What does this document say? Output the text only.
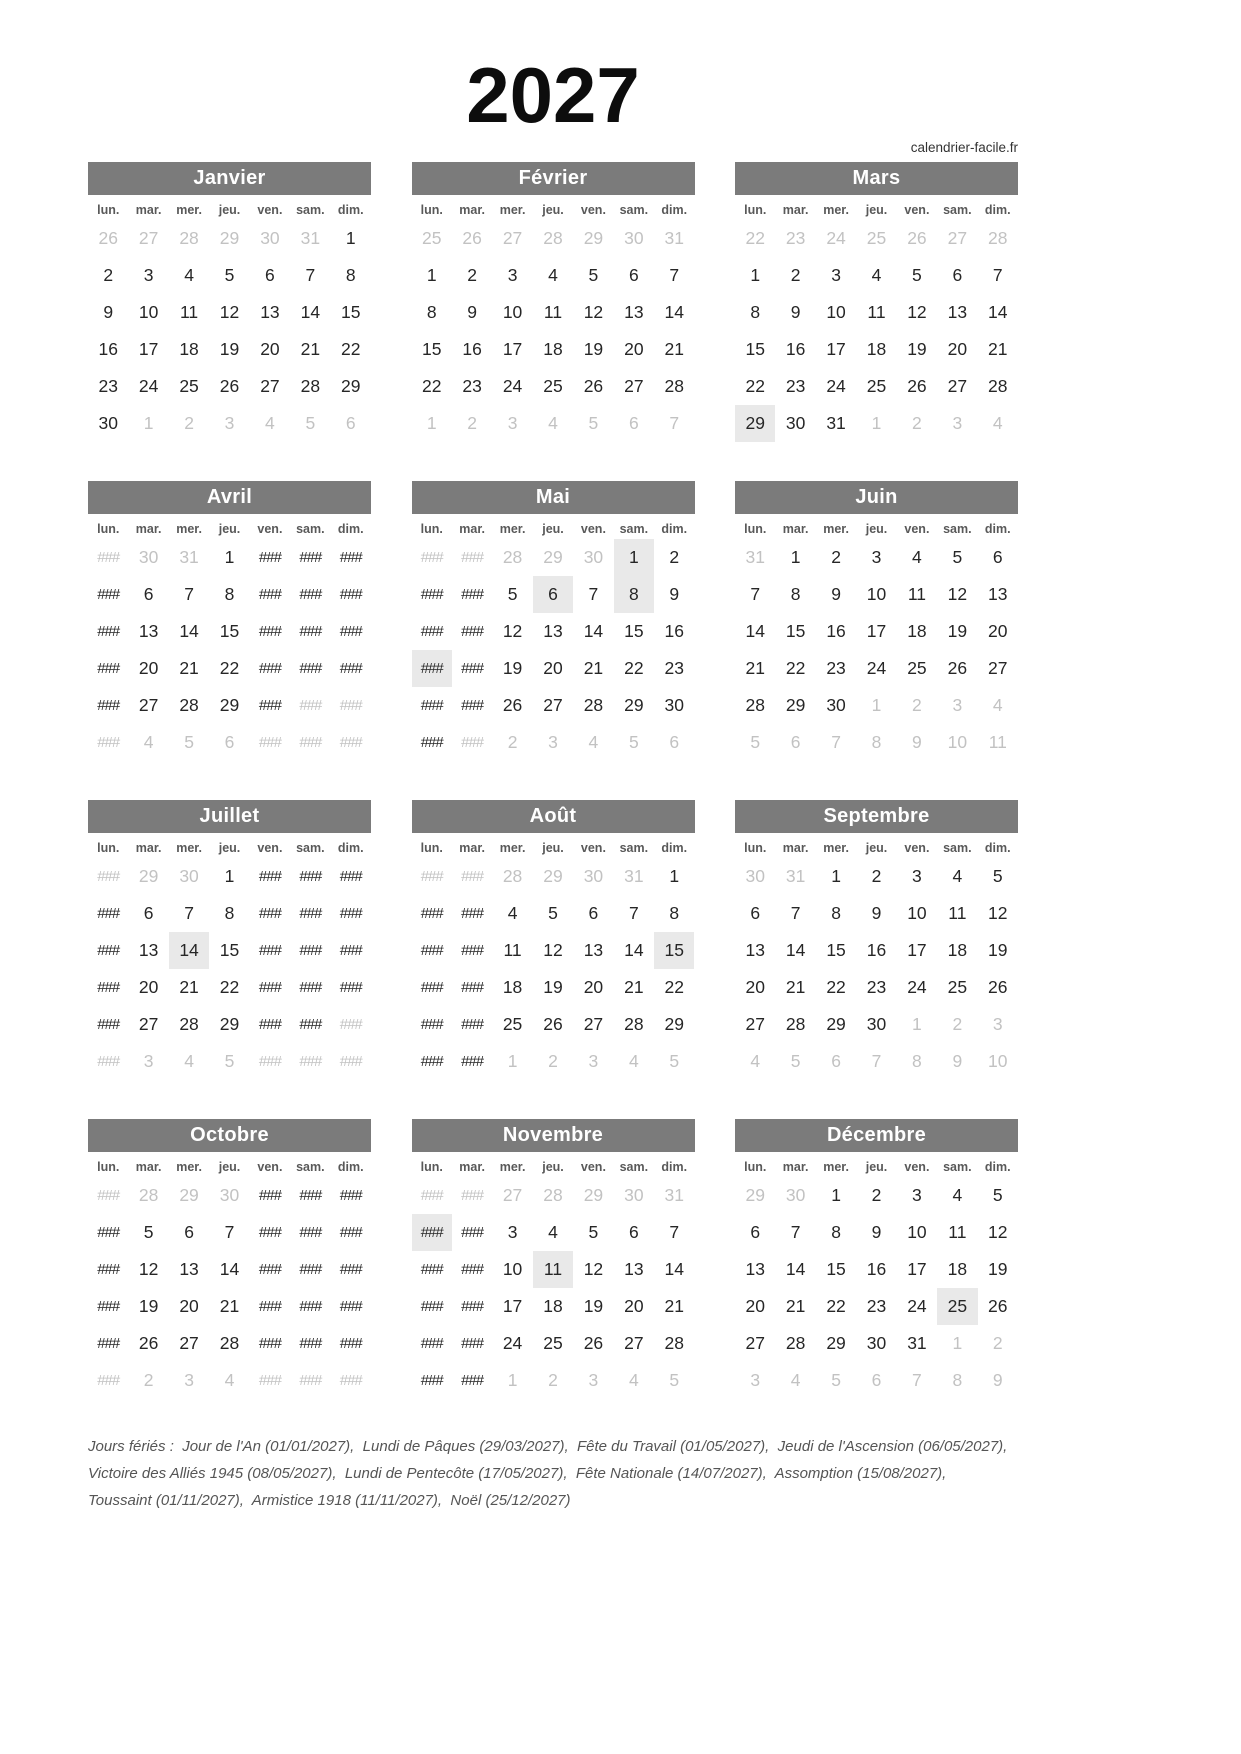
2027
calendrier-facile.fr
Janvier
lun.	mar.	mer.	jeu.	ven.	sam.	dim.
26	27	28	29	30	31	1
2	3	4	5	6	7	8
9	10	11	12	13	14	15
16	17	18	19	20	21	22
23	24	25	26	27	28	29
30	1	2	3	4	5	6
Février
lun.	mar.	mer.	jeu.	ven.	sam.	dim.
25	26	27	28	29	30	31
1	2	3	4	5	6	7
8	9	10	11	12	13	14
15	16	17	18	19	20	21
22	23	24	25	26	27	28
1	2	3	4	5	6	7
Mars
lun.	mar.	mer.	jeu.	ven.	sam.	dim.
22	23	24	25	26	27	28
1	2	3	4	5	6	7
8	9	10	11	12	13	14
15	16	17	18	19	20	21
22	23	24	25	26	27	28
29	30	31	1	2	3	4
Avril
lun.	mar.	mer.	jeu.	ven.	sam.	dim.
###	30	31	1	###	###	###
###	6	7	8	###	###	###
###	13	14	15	###	###	###
###	20	21	22	###	###	###
###	27	28	29	###	###	###
###	4	5	6	###	###	###
Mai
lun.	mar.	mer.	jeu.	ven.	sam.	dim.
###	###	28	29	30	1	2
###	###	5	6	7	8	9
###	###	12	13	14	15	16
###	###	19	20	21	22	23
###	###	26	27	28	29	30
###	###	2	3	4	5	6
Juin
lun.	mar.	mer.	jeu.	ven.	sam.	dim.
31	1	2	3	4	5	6
7	8	9	10	11	12	13
14	15	16	17	18	19	20
21	22	23	24	25	26	27
28	29	30	1	2	3	4
5	6	7	8	9	10	11
Juillet
lun.	mar.	mer.	jeu.	ven.	sam.	dim.
###	29	30	1	###	###	###
###	6	7	8	###	###	###
###	13	14	15	###	###	###
###	20	21	22	###	###	###
###	27	28	29	###	###	###
###	3	4	5	###	###	###
Août
lun.	mar.	mer.	jeu.	ven.	sam.	dim.
###	###	28	29	30	31	1
###	###	4	5	6	7	8
###	###	11	12	13	14	15
###	###	18	19	20	21	22
###	###	25	26	27	28	29
###	###	1	2	3	4	5
Septembre
lun.	mar.	mer.	jeu.	ven.	sam.	dim.
30	31	1	2	3	4	5
6	7	8	9	10	11	12
13	14	15	16	17	18	19
20	21	22	23	24	25	26
27	28	29	30	1	2	3
4	5	6	7	8	9	10
Octobre
lun.	mar.	mer.	jeu.	ven.	sam.	dim.
###	28	29	30	###	###	###
###	5	6	7	###	###	###
###	12	13	14	###	###	###
###	19	20	21	###	###	###
###	26	27	28	###	###	###
###	2	3	4	###	###	###
Novembre
lun.	mar.	mer.	jeu.	ven.	sam.	dim.
###	###	27	28	29	30	31
###	###	3	4	5	6	7
###	###	10	11	12	13	14
###	###	17	18	19	20	21
###	###	24	25	26	27	28
###	###	1	2	3	4	5
Décembre
lun.	mar.	mer.	jeu.	ven.	sam.	dim.
29	30	1	2	3	4	5
6	7	8	9	10	11	12
13	14	15	16	17	18	19
20	21	22	23	24	25	26
27	28	29	30	31	1	2
3	4	5	6	7	8	9
Jours fériés :  Jour de l'An (01/01/2027),  Lundi de Pâques (29/03/2027),  Fête du Travail (01/05/2027),  Jeudi de l'Ascension (06/05/2027),
Victoire des Alliés 1945 (08/05/2027),  Lundi de Pentecôte (17/05/2027),  Fête Nationale (14/07/2027),  Assomption (15/08/2027),
Toussaint (01/11/2027),  Armistice 1918 (11/11/2027),  Noël (25/12/2027)
